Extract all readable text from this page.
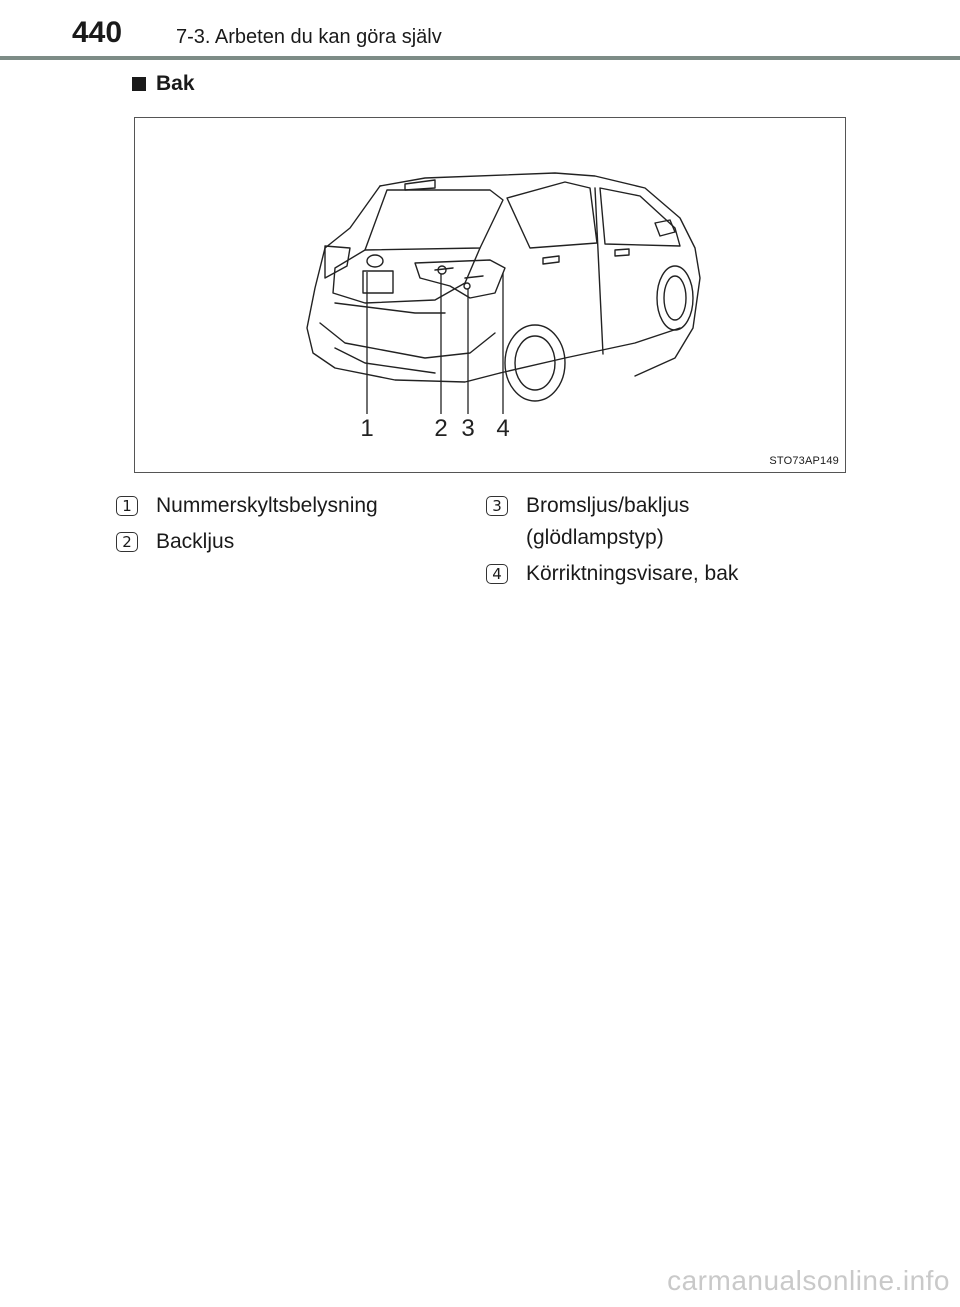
440	7-3. Arbeten du kan göra själv
Bak
1	2 3 4
STO73AP149
1 Nummerskyltsbelysning
2 Backljus
3 Bromsljus/bakljus (glödlampstyp)
4 Körriktningsvisare, bak
carmanualsonline.info
